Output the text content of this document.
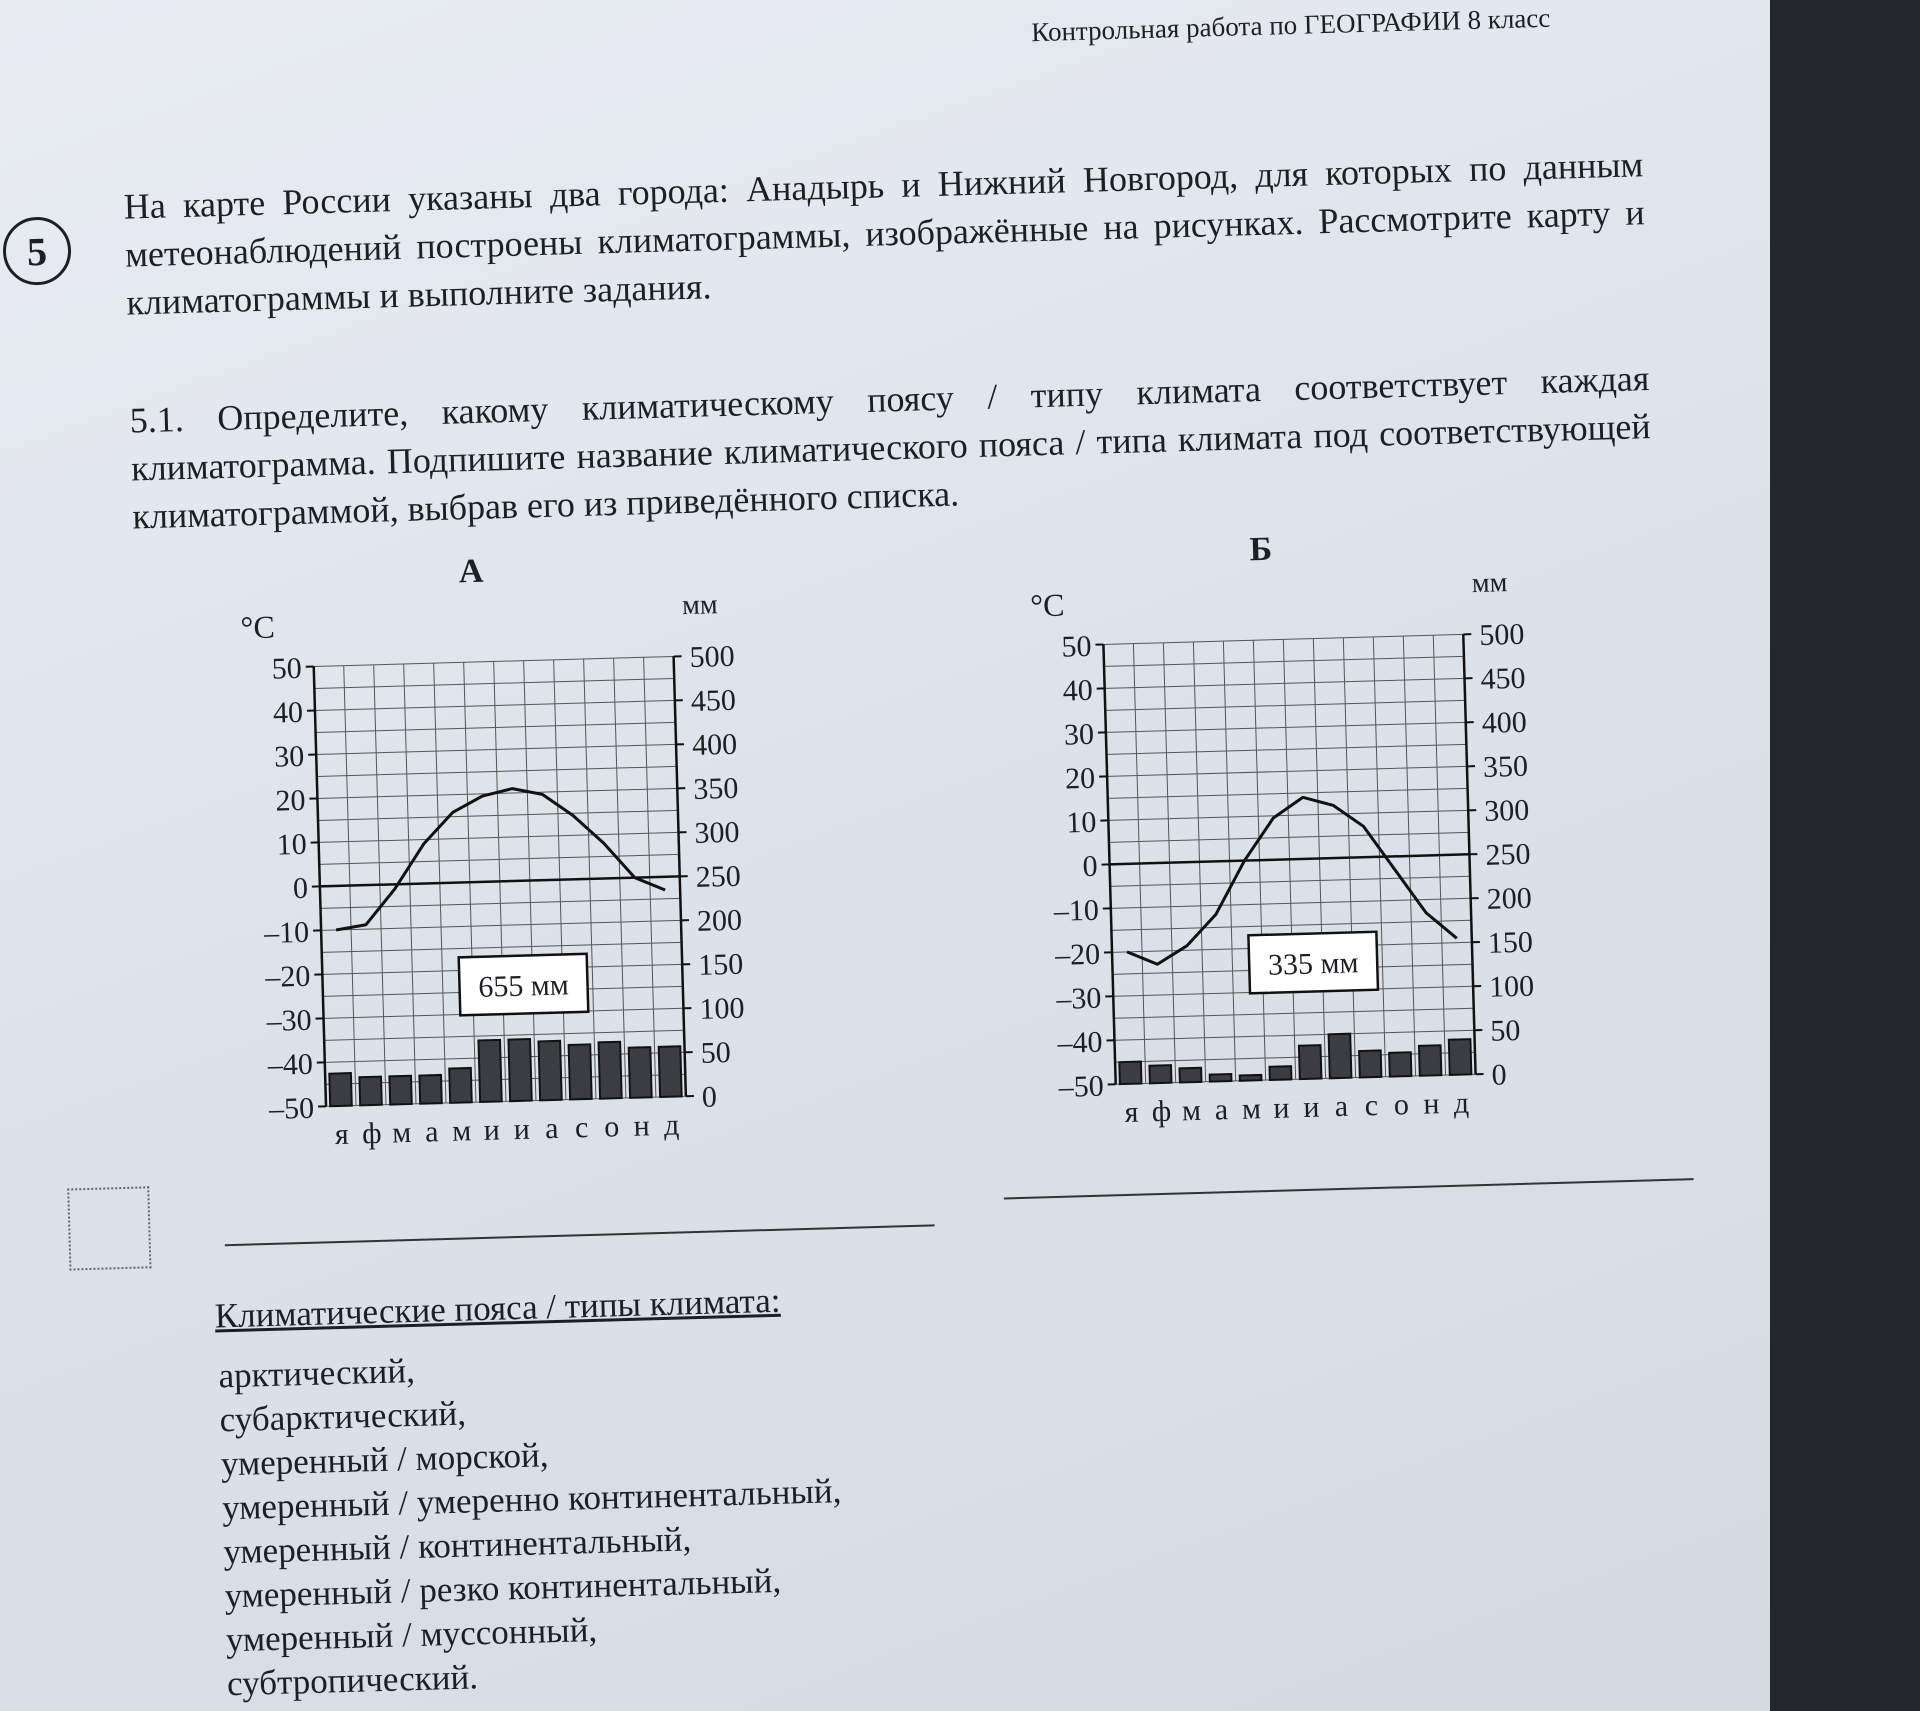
Контрольная работа по ГЕОГРАФИИ 8 класс
5
На карте России указаны два города: Анадырь и Нижний Новгород, для которых по данным метеонаблюдений построены климатограммы, изображённые на рисунках. Рассмотрите карту и климатограммы и выполните задания.
5.1. Определите, какому климатическому поясу / типу климата соответствует каждая климатограмма. Подпишите название климатического пояса / типа климата под соответствующей климатограммой, выбрав его из приведённого списка.
А
°C
мм
50
40
30
20
10
0
–10
–20
–30
–40
–50
500
450
400
350
300
250
200
150
100
50
0
я ф м а м и и а с о н д
655 мм
Б
°C
мм
50
40
30
20
10
0
–10
–20
–30
–40
–50
500
450
400
350
300
250
200
150
100
50
0
я ф м а м и и а с о н д
335 мм
Климатические пояса / типы климата:
арктический,
субарктический,
умеренный / морской,
умеренный / умеренно континентальный,
умеренный / континентальный,
умеренный / резко континентальный,
умеренный / муссонный,
субтропический.
